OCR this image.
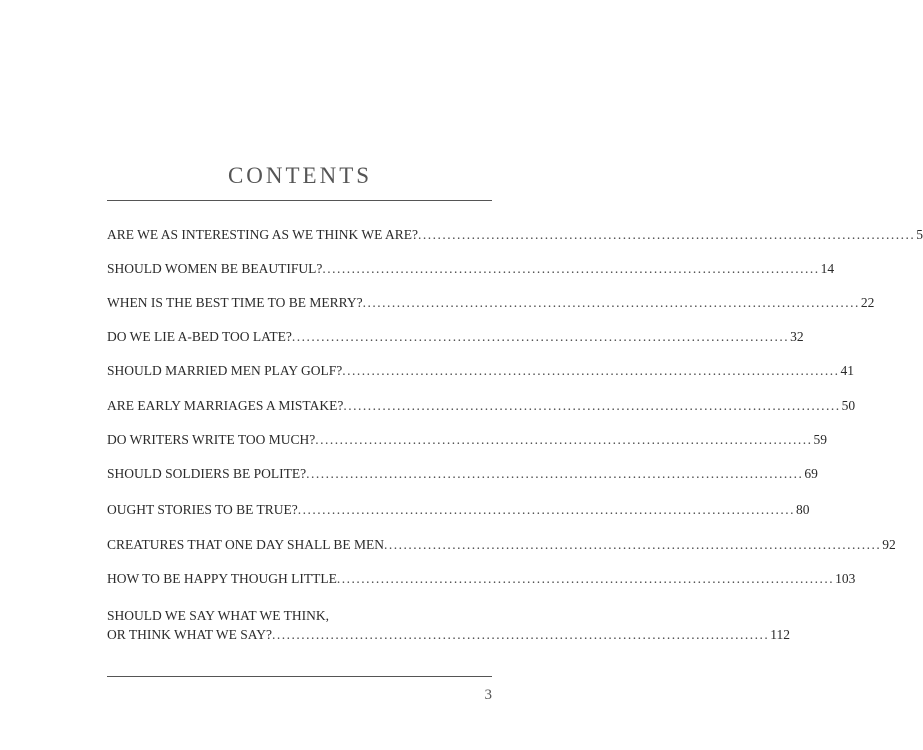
CONTENTS
ARE WE AS INTERESTING AS WE THINK WE ARE? ...................................................................................................... 5
SHOULD WOMEN BE BEAUTIFUL? ...................................................................................................... 14
WHEN IS THE BEST TIME TO BE MERRY? ...................................................................................................... 22
DO WE LIE A-BED TOO LATE? ...................................................................................................... 32
SHOULD MARRIED MEN PLAY GOLF? ...................................................................................................... 41
ARE EARLY MARRIAGES A MISTAKE? ...................................................................................................... 50
DO WRITERS WRITE TOO MUCH? ...................................................................................................... 59
SHOULD SOLDIERS BE POLITE? ...................................................................................................... 69
OUGHT STORIES TO BE TRUE? ...................................................................................................... 80
CREATURES THAT ONE DAY SHALL BE MEN ...................................................................................................... 92
HOW TO BE HAPPY THOUGH LITTLE ...................................................................................................... 103
SHOULD WE SAY WHAT WE THINK,
OR THINK WHAT WE SAY? ...................................................................................................... 112
3
